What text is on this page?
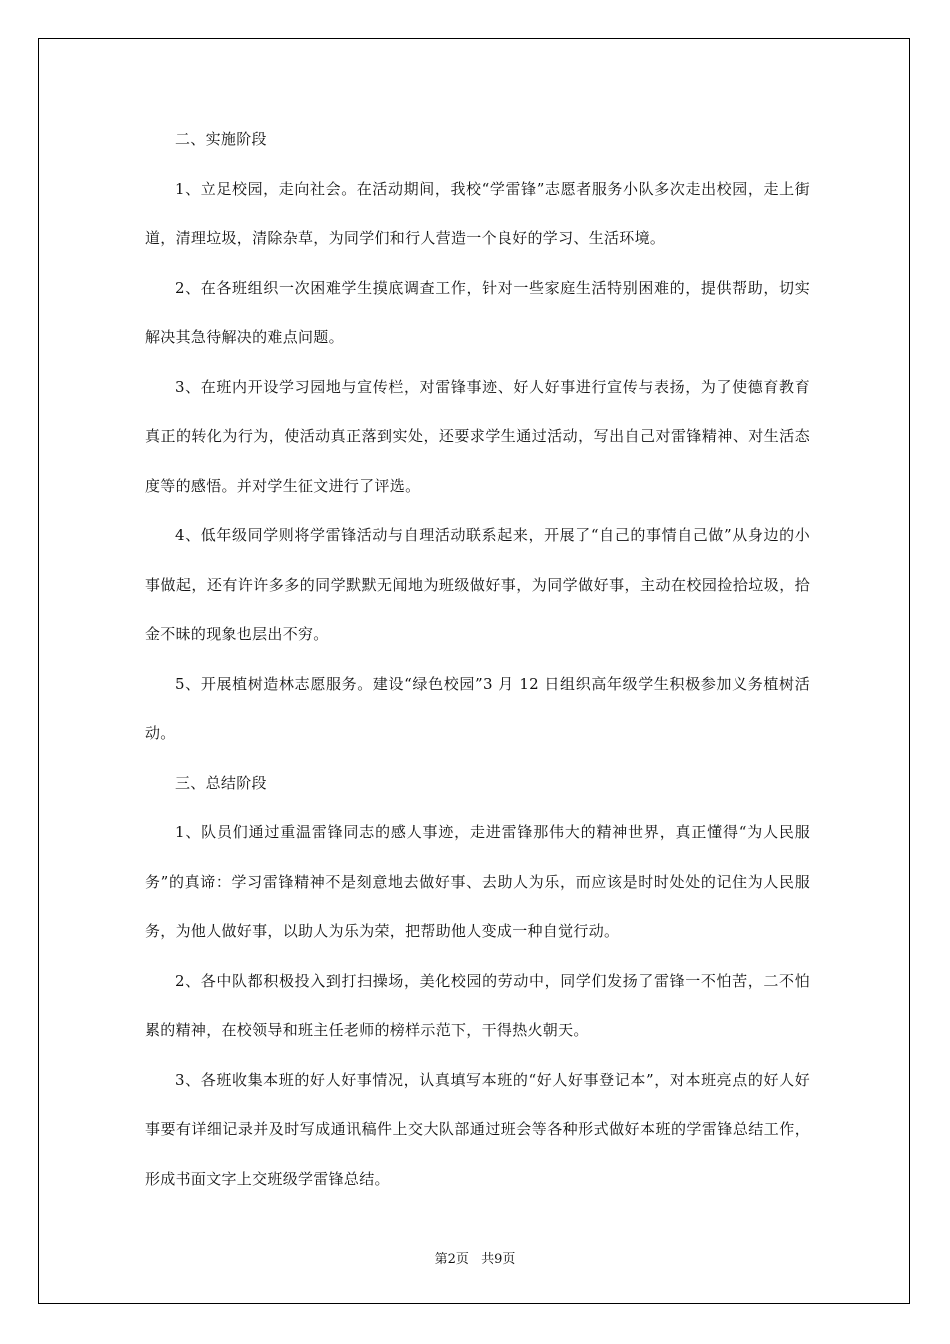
二、实施阶段

1、立足校园，走向社会。在活动期间，我校“学雷锋”志愿者服务小队多次走出校园，走上街道，清理垃圾，清除杂草，为同学们和行人营造一个良好的学习、生活环境。

2、在各班组织一次困难学生摸底调查工作，针对一些家庭生活特别困难的，提供帮助，切实解决其急待解决的难点问题。

3、在班内开设学习园地与宣传栏，对雷锋事迹、好人好事进行宣传与表扬，为了使德育教育真正的转化为行为，使活动真正落到实处，还要求学生通过活动，写出自己对雷锋精神、对生活态度等的感悟。并对学生征文进行了评选。

4、低年级同学则将学雷锋活动与自理活动联系起来，开展了“自己的事情自己做”从身边的小事做起，还有许许多多的同学默默无闻地为班级做好事，为同学做好事，主动在校园捡拾垃圾，拾金不昧的现象也层出不穷。

5、开展植树造林志愿服务。建设“绿色校园”3 月 12 日组织高年级学生积极参加义务植树活动。

三、总结阶段

1、队员们通过重温雷锋同志的感人事迹，走进雷锋那伟大的精神世界，真正懂得“为人民服务”的真谛：学习雷锋精神不是刻意地去做好事、去助人为乐，而应该是时时处处的记住为人民服务，为他人做好事，以助人为乐为荣，把帮助他人变成一种自觉行动。

2、各中队都积极投入到打扫操场，美化校园的劳动中，同学们发扬了雷锋一不怕苦，二不怕累的精神，在校领导和班主任老师的榜样示范下，干得热火朝天。

3、各班收集本班的好人好事情况，认真填写本班的“好人好事登记本”，对本班亮点的好人好事要有详细记录并及时写成通讯稿件上交大队部通过班会等各种形式做好本班的学雷锋总结工作，形成书面文字上交班级学雷锋总结。

第2页 共9页
